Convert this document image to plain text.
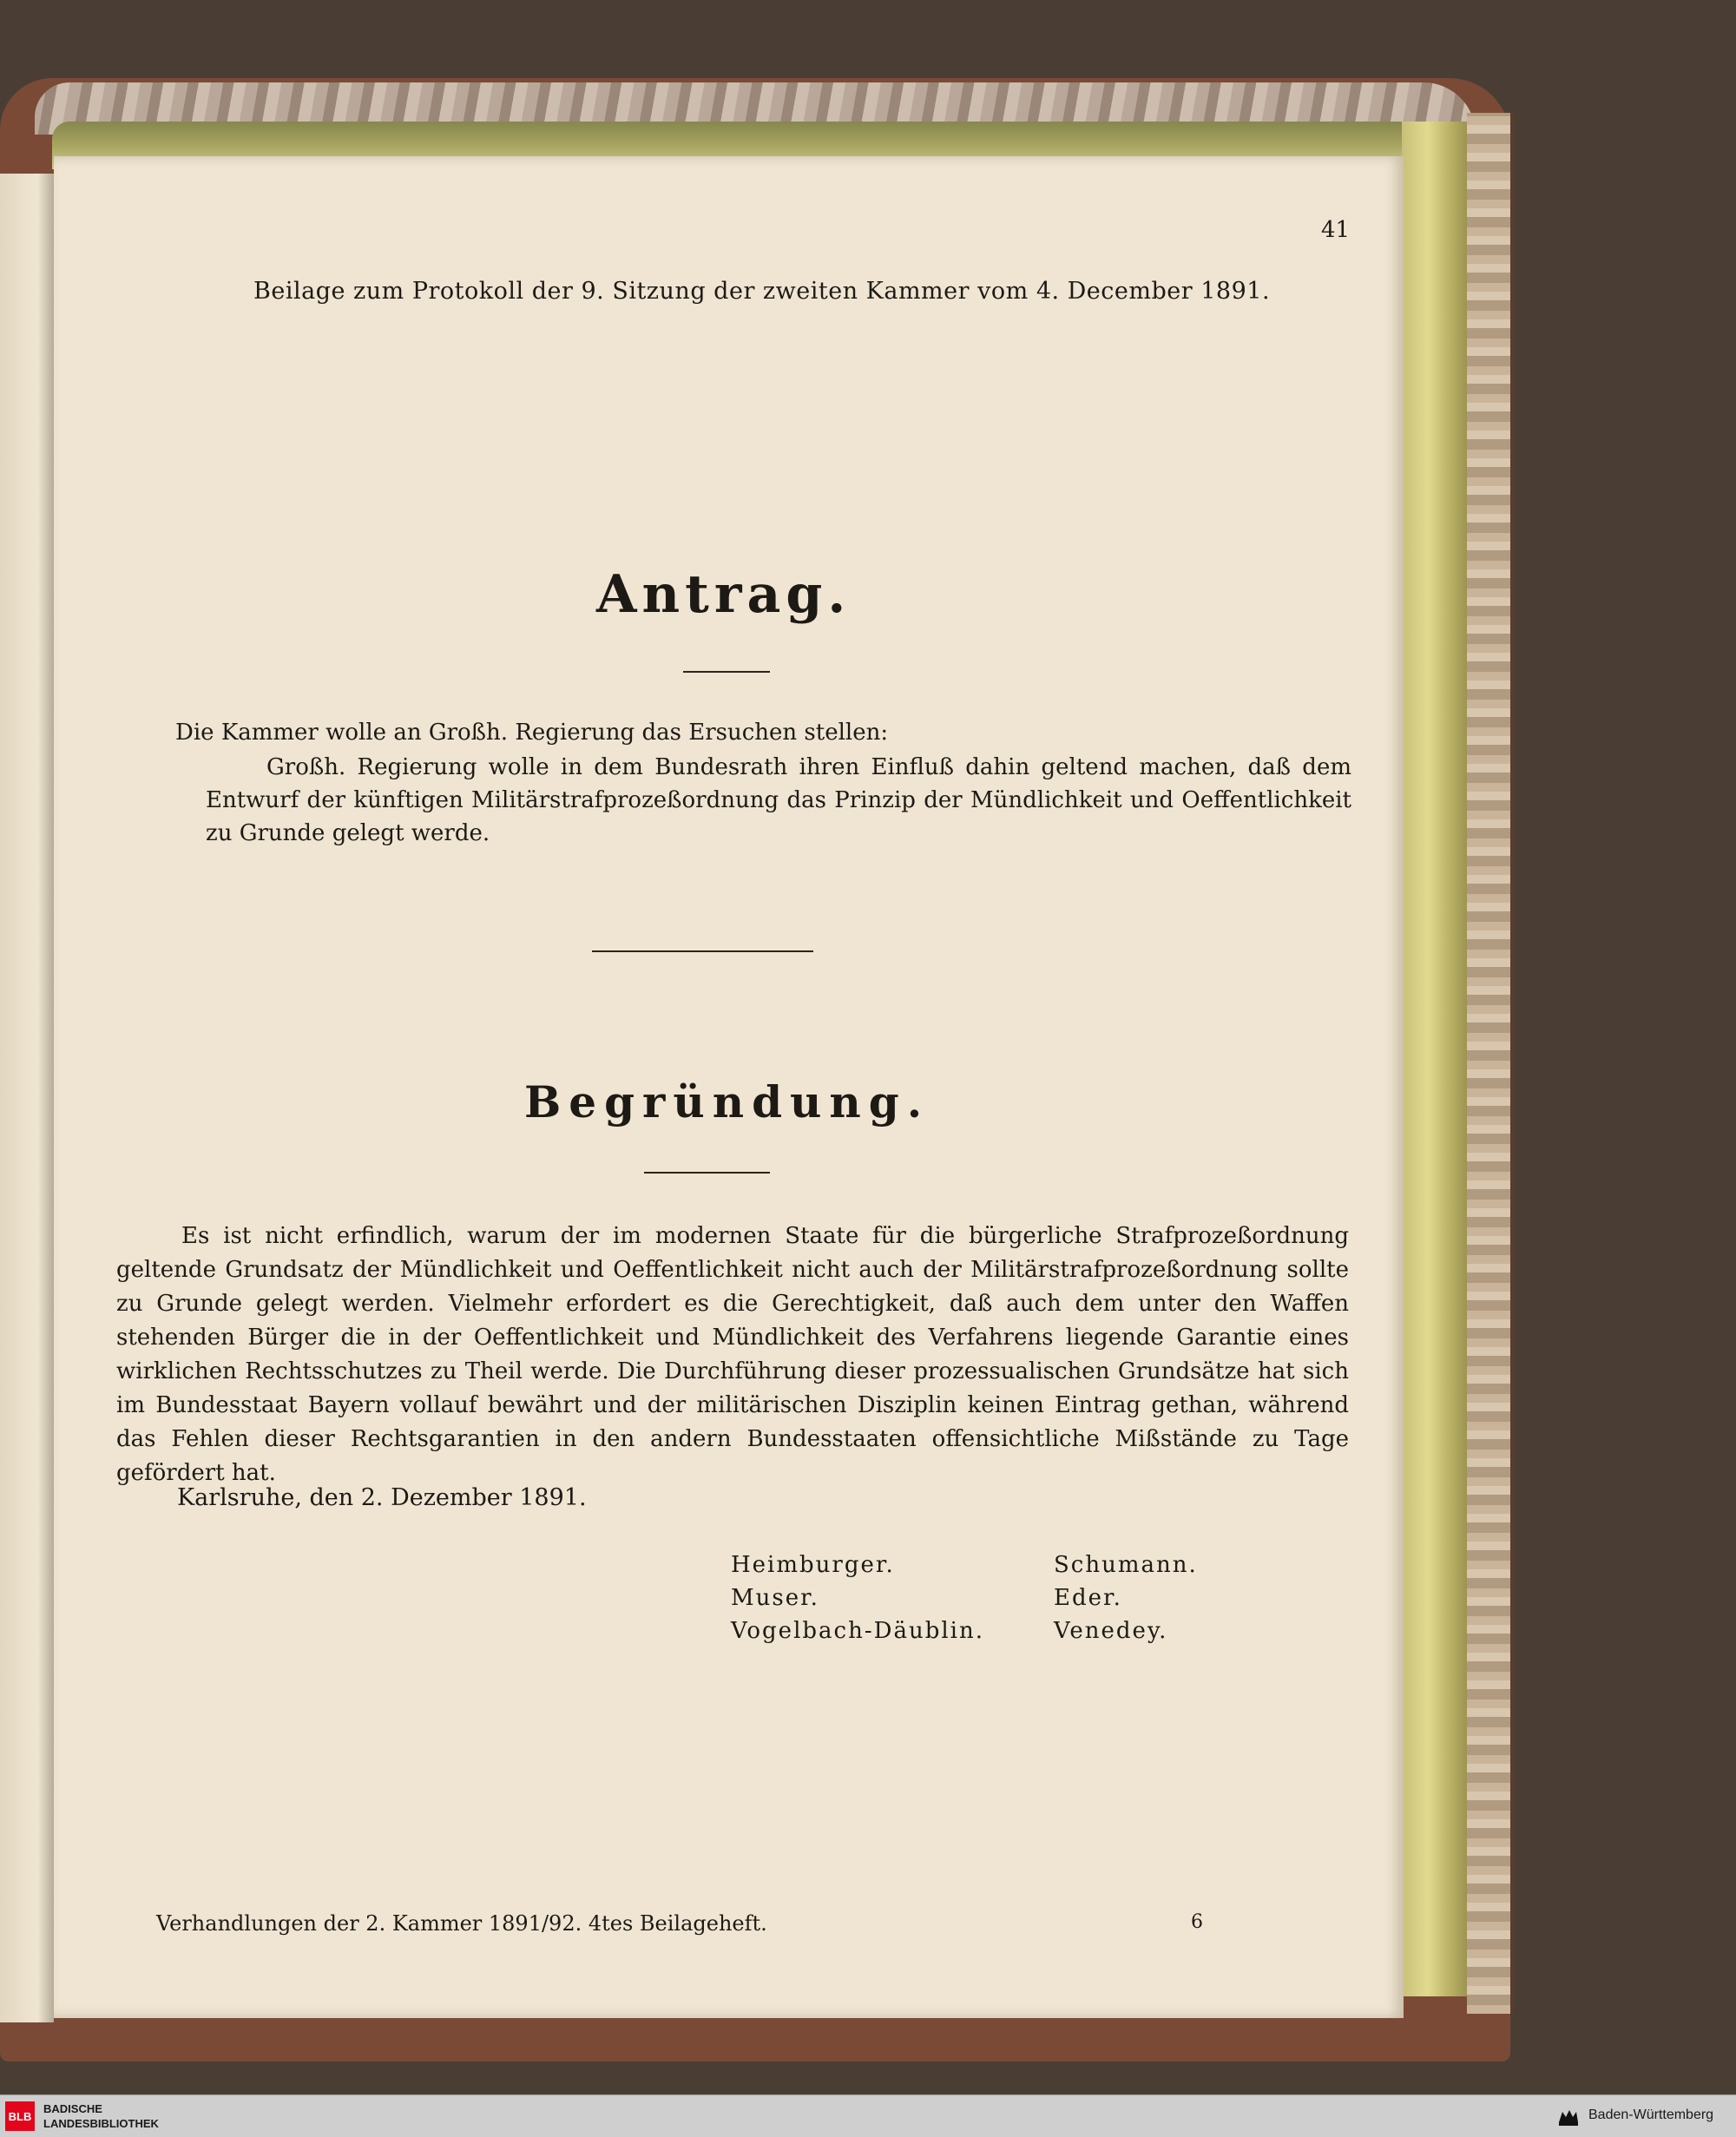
41
Beilage zum Protokoll der 9. Sitzung der zweiten Kammer vom 4. December 1891.
Antrag.
Die Kammer wolle an Großh. Regierung das Ersuchen stellen:
Großh. Regierung wolle in dem Bundesrath ihren Einfluß dahin geltend machen, daß dem Entwurf der künftigen Militärstrafprozeßordnung das Prinzip der Mündlichkeit und Oeffentlichkeit zu Grunde gelegt werde.
Begründung.
Es ist nicht erfindlich, warum der im modernen Staate für die bürgerliche Strafprozeßordnung geltende Grundsatz der Mündlichkeit und Oeffentlichkeit nicht auch der Militärstrafprozeßordnung sollte zu Grunde gelegt werden. Vielmehr erfordert es die Gerechtigkeit, daß auch dem unter den Waffen stehenden Bürger die in der Oeffentlichkeit und Mündlichkeit des Verfahrens liegende Garantie eines wirklichen Rechtsschutzes zu Theil werde. Die Durchführung dieser prozessualischen Grundsätze hat sich im Bundesstaat Bayern vollauf bewährt und der militärischen Disziplin keinen Eintrag gethan, während das Fehlen dieser Rechtsgarantien in den andern Bundesstaaten offensichtliche Mißstände zu Tage gefördert hat.
Karlsruhe, den 2. Dezember 1891.
Heimburger.
Muser.
Vogelbach-Däublin.
Schumann.
Eder.
Venedey.
Verhandlungen der 2. Kammer 1891/92. 4tes Beilageheft.	6
BLB
BADISCHE
LANDESBIBLIOTHEK
Baden-Württemberg
